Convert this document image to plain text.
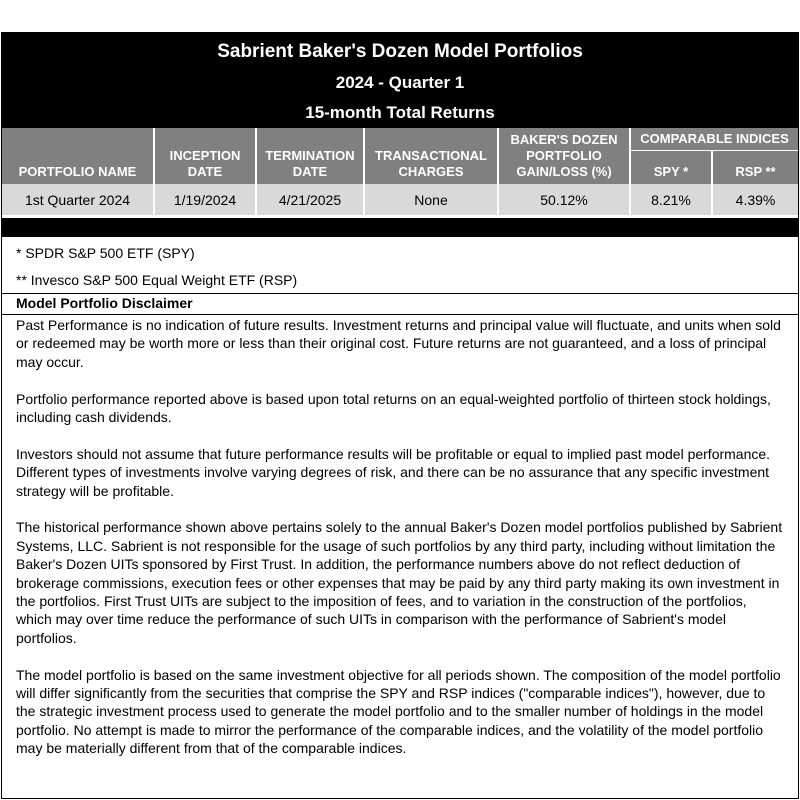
Sabrient Baker's Dozen Model Portfolios
2024 - Quarter 1
15-month Total Returns
PORTFOLIO NAME	INCEPTION DATE	TERMINATION DATE	TRANSACTIONAL CHARGES	BAKER'S DOZEN PORTFOLIO GAIN/LOSS (%)	COMPARABLE INDICES	
					SPY *	RSP **
1st Quarter 2024	1/19/2024	4/21/2025	None	50.12%	8.21%	4.39%
* SPDR S&P 500 ETF (SPY)
** Invesco S&P 500 Equal Weight ETF (RSP)
Model Portfolio Disclaimer

Past Performance is no indication of future results. Investment returns and principal value will fluctuate, and units when sold or redeemed may be worth more or less than their original cost. Future returns are not guaranteed, and a loss of principal may occur.

Portfolio performance reported above is based upon total returns on an equal-weighted portfolio of thirteen stock holdings, including cash dividends.

Investors should not assume that future performance results will be profitable or equal to implied past model performance. Different types of investments involve varying degrees of risk, and there can be no assurance that any specific investment strategy will be profitable.

The historical performance shown above pertains solely to the annual Baker's Dozen model portfolios published by Sabrient Systems, LLC. Sabrient is not responsible for the usage of such portfolios by any third party, including without limitation the Baker's Dozen UITs sponsored by First Trust. In addition, the performance numbers above do not reflect deduction of brokerage commissions, execution fees or other expenses that may be paid by any third party making its own investment in the portfolios. First Trust UITs are subject to the imposition of fees, and to variation in the construction of the portfolios, which may over time reduce the performance of such UITs in comparison with the performance of Sabrient's model portfolios.

The model portfolio is based on the same investment objective for all periods shown. The composition of the model portfolio will differ significantly from the securities that comprise the SPY and RSP indices ("comparable indices"), however, due to the strategic investment process used to generate the model portfolio and to the smaller number of holdings in the model portfolio. No attempt is made to mirror the performance of the comparable indices, and the volatility of the model portfolio may be materially different from that of the comparable indices.
